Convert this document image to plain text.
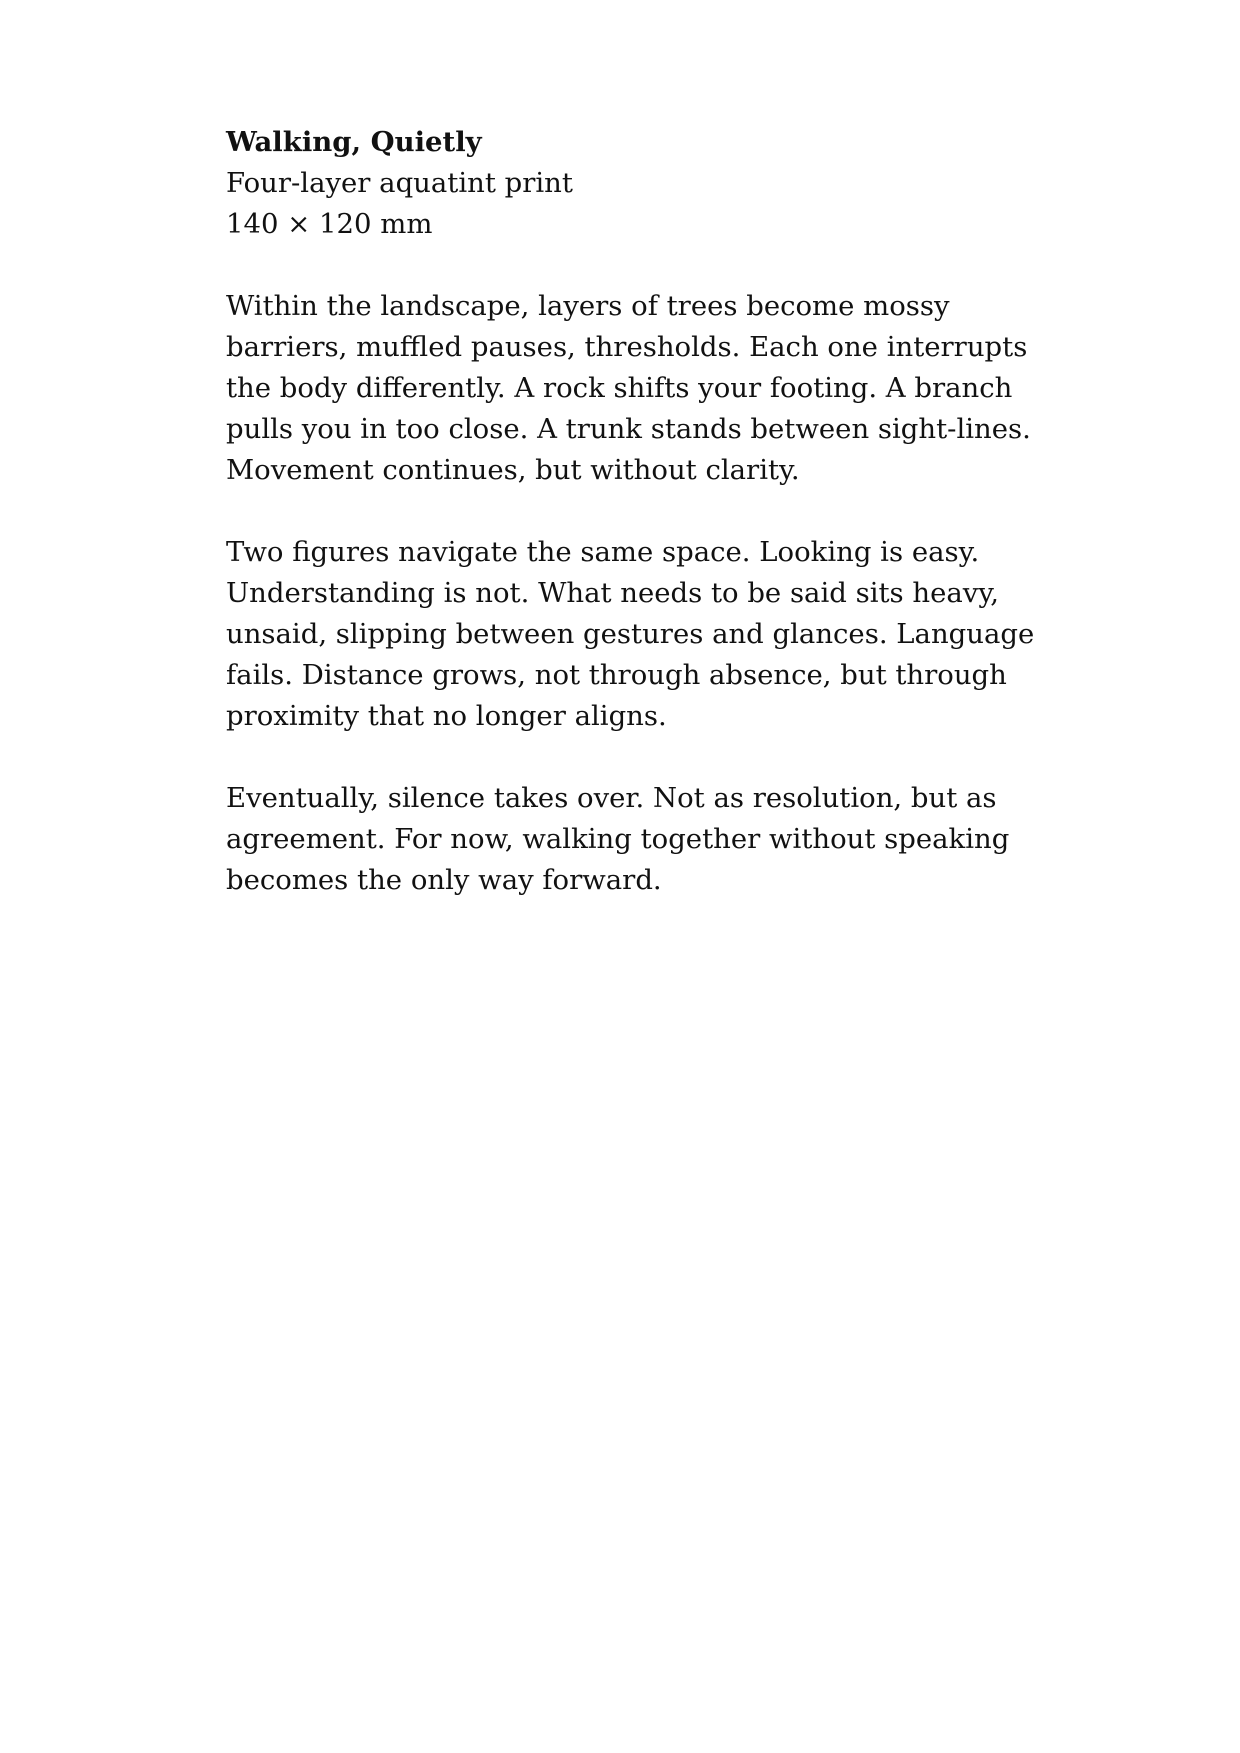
Walking, Quietly
Four-layer aquatint print
140 × 120 mm

Within the landscape, layers of trees become mossy barriers, muffled pauses, thresholds. Each one interrupts the body differently. A rock shifts your footing. A branch pulls you in too close. A trunk stands between sight-lines. Movement continues, but without clarity.

Two figures navigate the same space. Looking is easy. Understanding is not. What needs to be said sits heavy, unsaid, slipping between gestures and glances. Language fails. Distance grows, not through absence, but through proximity that no longer aligns.

Eventually, silence takes over. Not as resolution, but as agreement. For now, walking together without speaking becomes the only way forward.
